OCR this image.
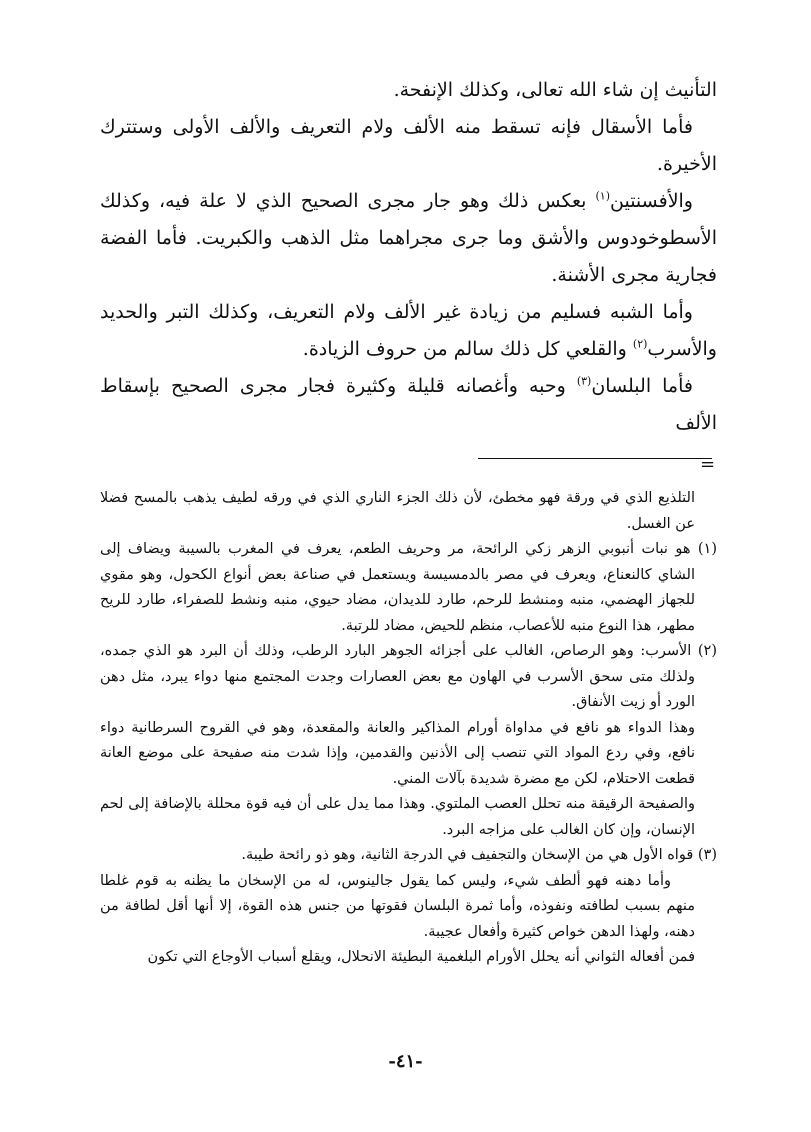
التأنيث إن شاء الله تعالى، وكذلك الإنفحة.

فأما الأسقال فإنه تسقط منه الألف ولام التعريف والألف الأولى وستترك الأخيرة.

والأفسنتين$^{(١)}$ بعكس ذلك وهو جار مجرى الصحيح الذي لا علة فيه، وكذلك الأسطوخودوس والأشق وما جرى مجراهما مثل الذهب والكبريت. فأما الفضة فجارية مجرى الأشنة.

وأما الشبه فسليم من زيادة غير الألف ولام التعريف، وكذلك التبر والحديد والأسرب$^{(٢)}$ والقلعي كل ذلك سالم من حروف الزيادة.

فأما البلسان$^{(٣)}$ وحبه وأغصانه قليلة وكثيرة فجار مجرى الصحيح بإسقاط الألف

=

التلذيع الذي في ورقة فهو مخطئ، لأن ذلك الجزء الناري الذي في ورقه لطيف يذهب بالمسح فضلا عن الغسل.

(١) هو نبات أنبوبي الزهر زكي الرائحة، مر وحريف الطعم، يعرف في المغرب بالسيبة ويضاف إلى الشاي كالنعناع، ويعرف في مصر بالدمسيسة ويستعمل في صناعة بعض أنواع الكحول، وهو مقوي للجهاز الهضمي، منبه ومنشط للرحم، طارد للديدان، مضاد حيوي، منبه ونشط للصفراء، طارد للريح مطهر، هذا النوع منبه للأعصاب، منظم للحيض، مضاد للرتبة.

(٢) الأسرب: وهو الرصاص، الغالب على أجزائه الجوهر البارد الرطب، وذلك أن البرد هو الذي جمده، ولذلك متى سحق الأسرب في الهاون مع بعض العصارات وجدت المجتمع منها دواء يبرد، مثل دهن الورد أو زيت الأنفاق.

وهذا الدواء هو نافع في مداواة أورام المذاكير والعانة والمقعدة، وهو في القروح السرطانية دواء نافع، وفي ردع المواد التي تنصب إلى الأذنين والقدمين، وإذا شدت منه صفيحة على موضع العانة قطعت الاحتلام، لكن مع مضرة شديدة بآلات المني.

والصفيحة الرقيقة منه تحلل العصب الملتوي. وهذا مما يدل على أن فيه قوة محللة بالإضافة إلى لحم الإنسان، وإن كان الغالب على مزاجه البرد.

(٣) قواه الأول هي من الإسخان والتجفيف في الدرجة الثانية، وهو ذو رائحة طيبة.

وأما دهنه فهو ألطف شيء، وليس كما يقول جالينوس، له من الإسخان ما يظنه به قوم غلطا منهم بسبب لطافته ونفوذه، وأما ثمرة البلسان فقوتها من جنس هذه القوة، إلا أنها أقل لطافة من دهنه، ولهذا الدهن خواص كثيرة وأفعال عجيبة.

فمن أفعاله الثواني أنه يحلل الأورام البلغمية البطيئة الانحلال، ويقلع أسباب الأوجاع التي تكون

-٤١-
